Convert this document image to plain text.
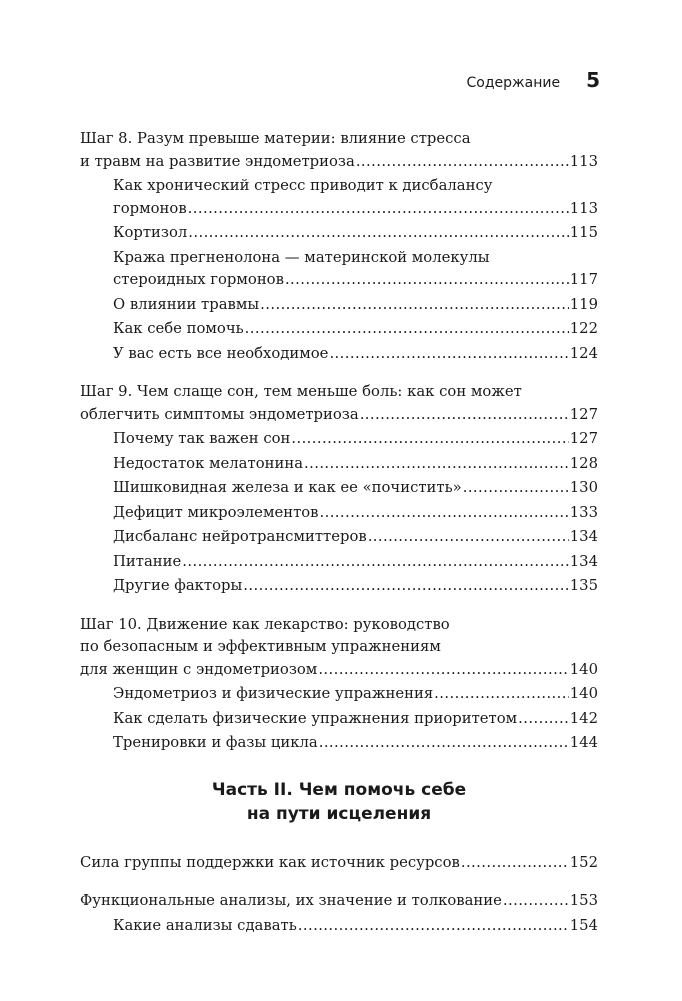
Содержание 5
Шаг 8. Разум превыше материи: влияние стресса
и травм на развитие эндометриоза .....	113
Как хронический стресс приводит к дисбалансу
гормонов .....	113
Кортизол .....	115
Кража прегненолона — материнской молекулы
стероидных гормонов .....	117
О влиянии травмы .....	119
Как себе помочь .....	122
У вас есть все необходимое .....	124
Шаг 9. Чем слаще сон, тем меньше боль: как сон может
облегчить симптомы эндометриоза .....	127
Почему так важен сон .....	127
Недостаток мелатонина .....	128
Шишковидная железа и как ее «почистить» .....	130
Дефицит микроэлементов .....	133
Дисбаланс нейротрансмиттеров .....	134
Питание .....	134
Другие факторы .....	135
Шаг 10. Движение как лекарство: руководство
по безопасным и эффективным упражнениям
для женщин с эндометриозом .....	140
Эндометриоз и физические упражнения .....	140
Как сделать физические упражнения приоритетом .....	142
Тренировки и фазы цикла .....	144
Часть II. Чем помочь себе
на пути исцеления
Сила группы поддержки как источник ресурсов .....	152
Функциональные анализы, их значение и толкование .....	153
Какие анализы сдавать .....	154
